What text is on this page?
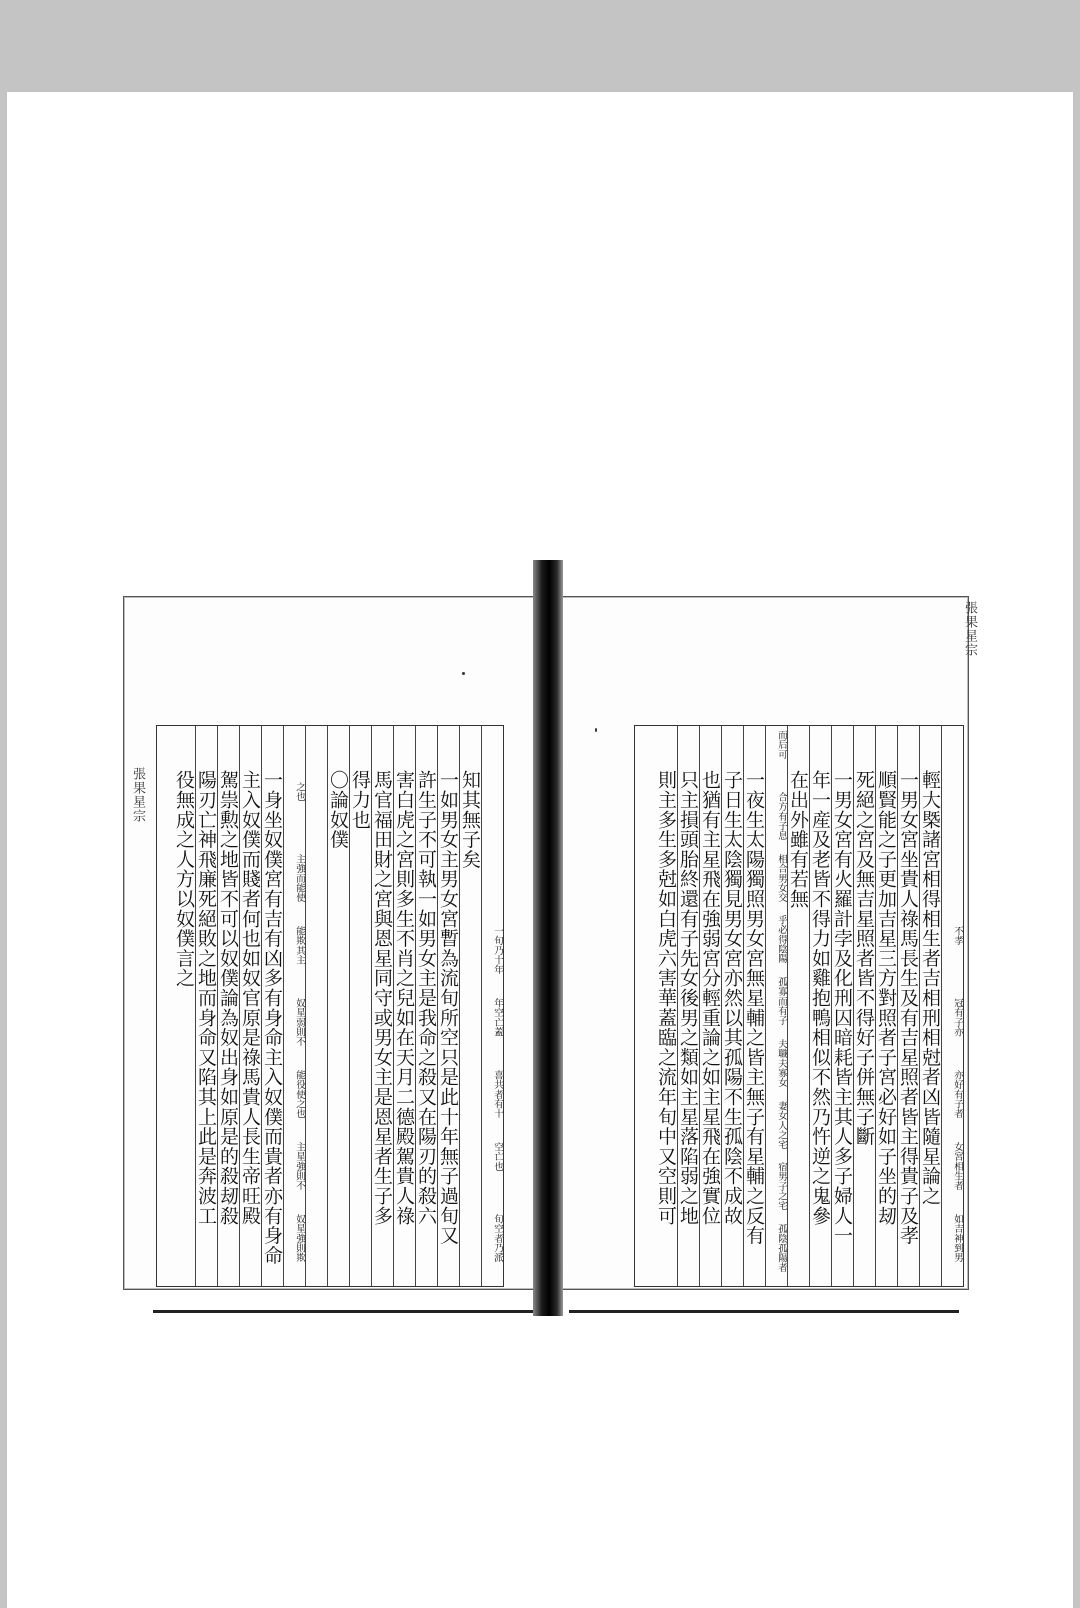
張果星宗
旬空者乃派
空亡也
喜共者有十
年空亡蓋
一旬乃十年
知其無子矣
一如男女主男女宮暫為流旬所空只是此十年無子過旬又
許生子不可執一如男女主是我命之殺又在陽刃的殺六
害白虎之宮則多生不肖之兒如在天月二德殿駕貴人祿
馬官福田財之宮與恩星同守或男女主是恩星者生子多
得力也
〇論奴僕
奴星強則欺
主星強則不
能役使之也
奴星弱則不
能欺其主
主強而能使
之也
一身坐奴僕宮有吉有凶多有身命主入奴僕而貴者亦有身命
主入奴僕而賤者何也如奴官原是祿馬貴人長生帝旺殿
駕祟勲之地皆不可以奴僕論為奴出身如原是的殺刼殺
陽刃亡神飛廉死絕敗之地而身命又陷其上此是奔波工
役無成之人方以奴僕言之
張果星宗
如吉神到男
女宮相生者
亦好有子者
冠有子亦
不孝
輕大槩諸宮相得相生者吉相刑相尅者凶皆隨星論之
一男女宮坐貴人祿馬長生及有吉星照者皆主得貴子及孝
順賢能之子更加吉星三方對照者子宮必好如子坐的刼
死絕之宮及無吉星照者皆不得好子併無子斷
一男女宮有火羅計孛及化刑囚暗耗皆主其人多子婦人一
年一産及老皆不得力如雞抱鴨相似不然乃忤逆之鬼參
在出外雖有若無
孤陰孤陽者
宿男子之宅
妻女人之宅
夫職夫寡女
孤寡而有子
乎必得陰陽
相合男女交
合方有子息
而后可
一夜生太陽獨照男女宮無星輔之皆主無子有星輔之反有
子日生太陰獨見男女宮亦然以其孤陽不生孤陰不成故
也猶有主星飛在強弱宮分輕重論之如主星飛在強實位
只主損頭胎終還有子先女後男之類如主星落陷弱之地
則主多生多尅如白虎六害華蓋臨之流年旬中又空則可
